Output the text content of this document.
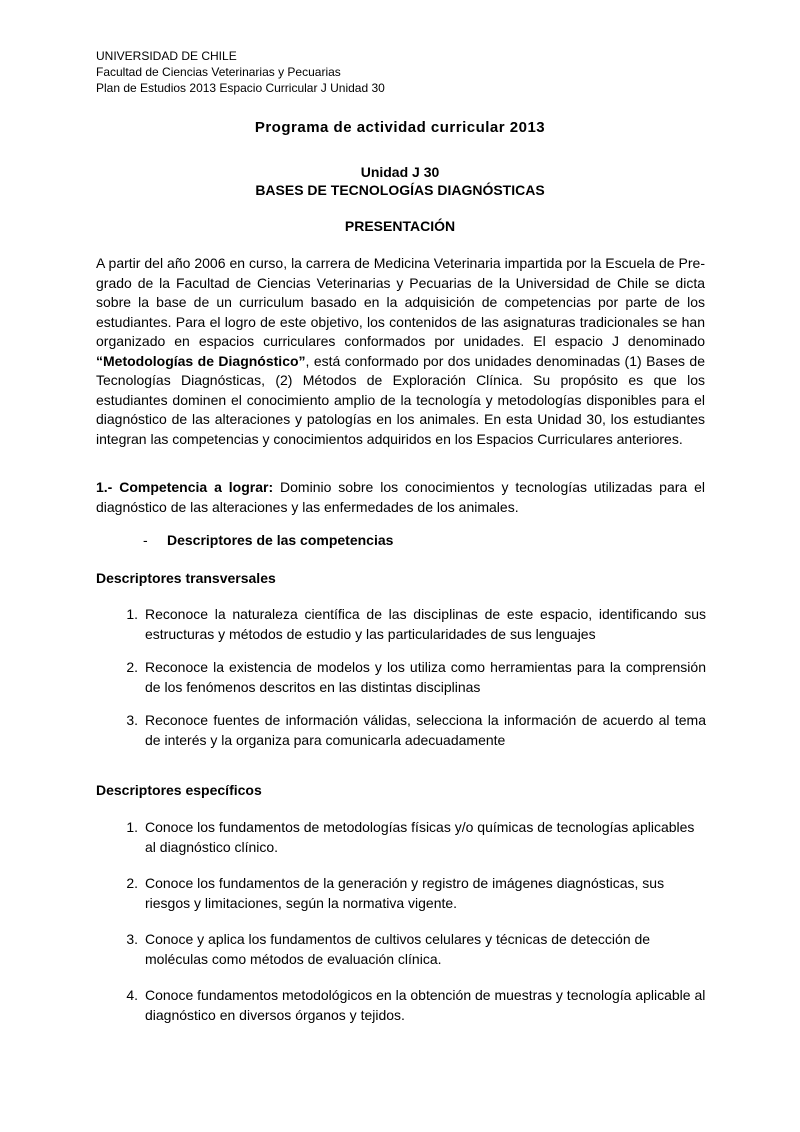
UNIVERSIDAD DE CHILE
Facultad de Ciencias Veterinarias y Pecuarias
Plan de Estudios 2013 Espacio Curricular J Unidad 30
Programa de actividad curricular 2013
Unidad J 30
BASES DE TECNOLOGÍAS DIAGNÓSTICAS
PRESENTACIÓN
A partir del año 2006 en curso, la carrera de Medicina Veterinaria impartida por la Escuela de Pre-grado de la Facultad de Ciencias Veterinarias y Pecuarias de la Universidad de Chile se dicta sobre la base de un curriculum basado en la adquisición de competencias por parte de los estudiantes. Para el logro de este objetivo, los contenidos de las asignaturas tradicionales se han organizado en espacios curriculares conformados por unidades. El espacio J denominado “Metodologías de Diagnóstico”, está conformado por dos unidades denominadas (1) Bases de Tecnologías Diagnósticas, (2) Métodos de Exploración Clínica. Su propósito es que los estudiantes dominen el conocimiento amplio de la tecnología y metodologías disponibles para el diagnóstico de las alteraciones y patologías en los animales. En esta Unidad 30, los estudiantes integran las competencias y conocimientos adquiridos en los Espacios Curriculares anteriores.
1.- Competencia a lograr: Dominio sobre los conocimientos y tecnologías utilizadas para el diagnóstico de las alteraciones y las enfermedades de los animales.
- Descriptores de las competencias
Descriptores transversales
1. Reconoce la naturaleza científica de las disciplinas de este espacio, identificando sus estructuras y métodos de estudio y las particularidades de sus lenguajes
2. Reconoce la existencia de modelos y los utiliza como herramientas para la comprensión de los fenómenos descritos en las distintas disciplinas
3. Reconoce fuentes de información válidas, selecciona la información de acuerdo al tema de interés y la organiza para comunicarla adecuadamente
Descriptores específicos
1. Conoce los fundamentos de metodologías físicas y/o químicas de tecnologías aplicables al diagnóstico clínico.
2. Conoce los fundamentos de la generación y registro de imágenes diagnósticas, sus riesgos y limitaciones, según la normativa vigente.
3. Conoce y aplica los fundamentos de cultivos celulares y técnicas de detección de moléculas como métodos de evaluación clínica.
4. Conoce fundamentos metodológicos en la obtención de muestras y tecnología aplicable al diagnóstico en diversos órganos y tejidos.
